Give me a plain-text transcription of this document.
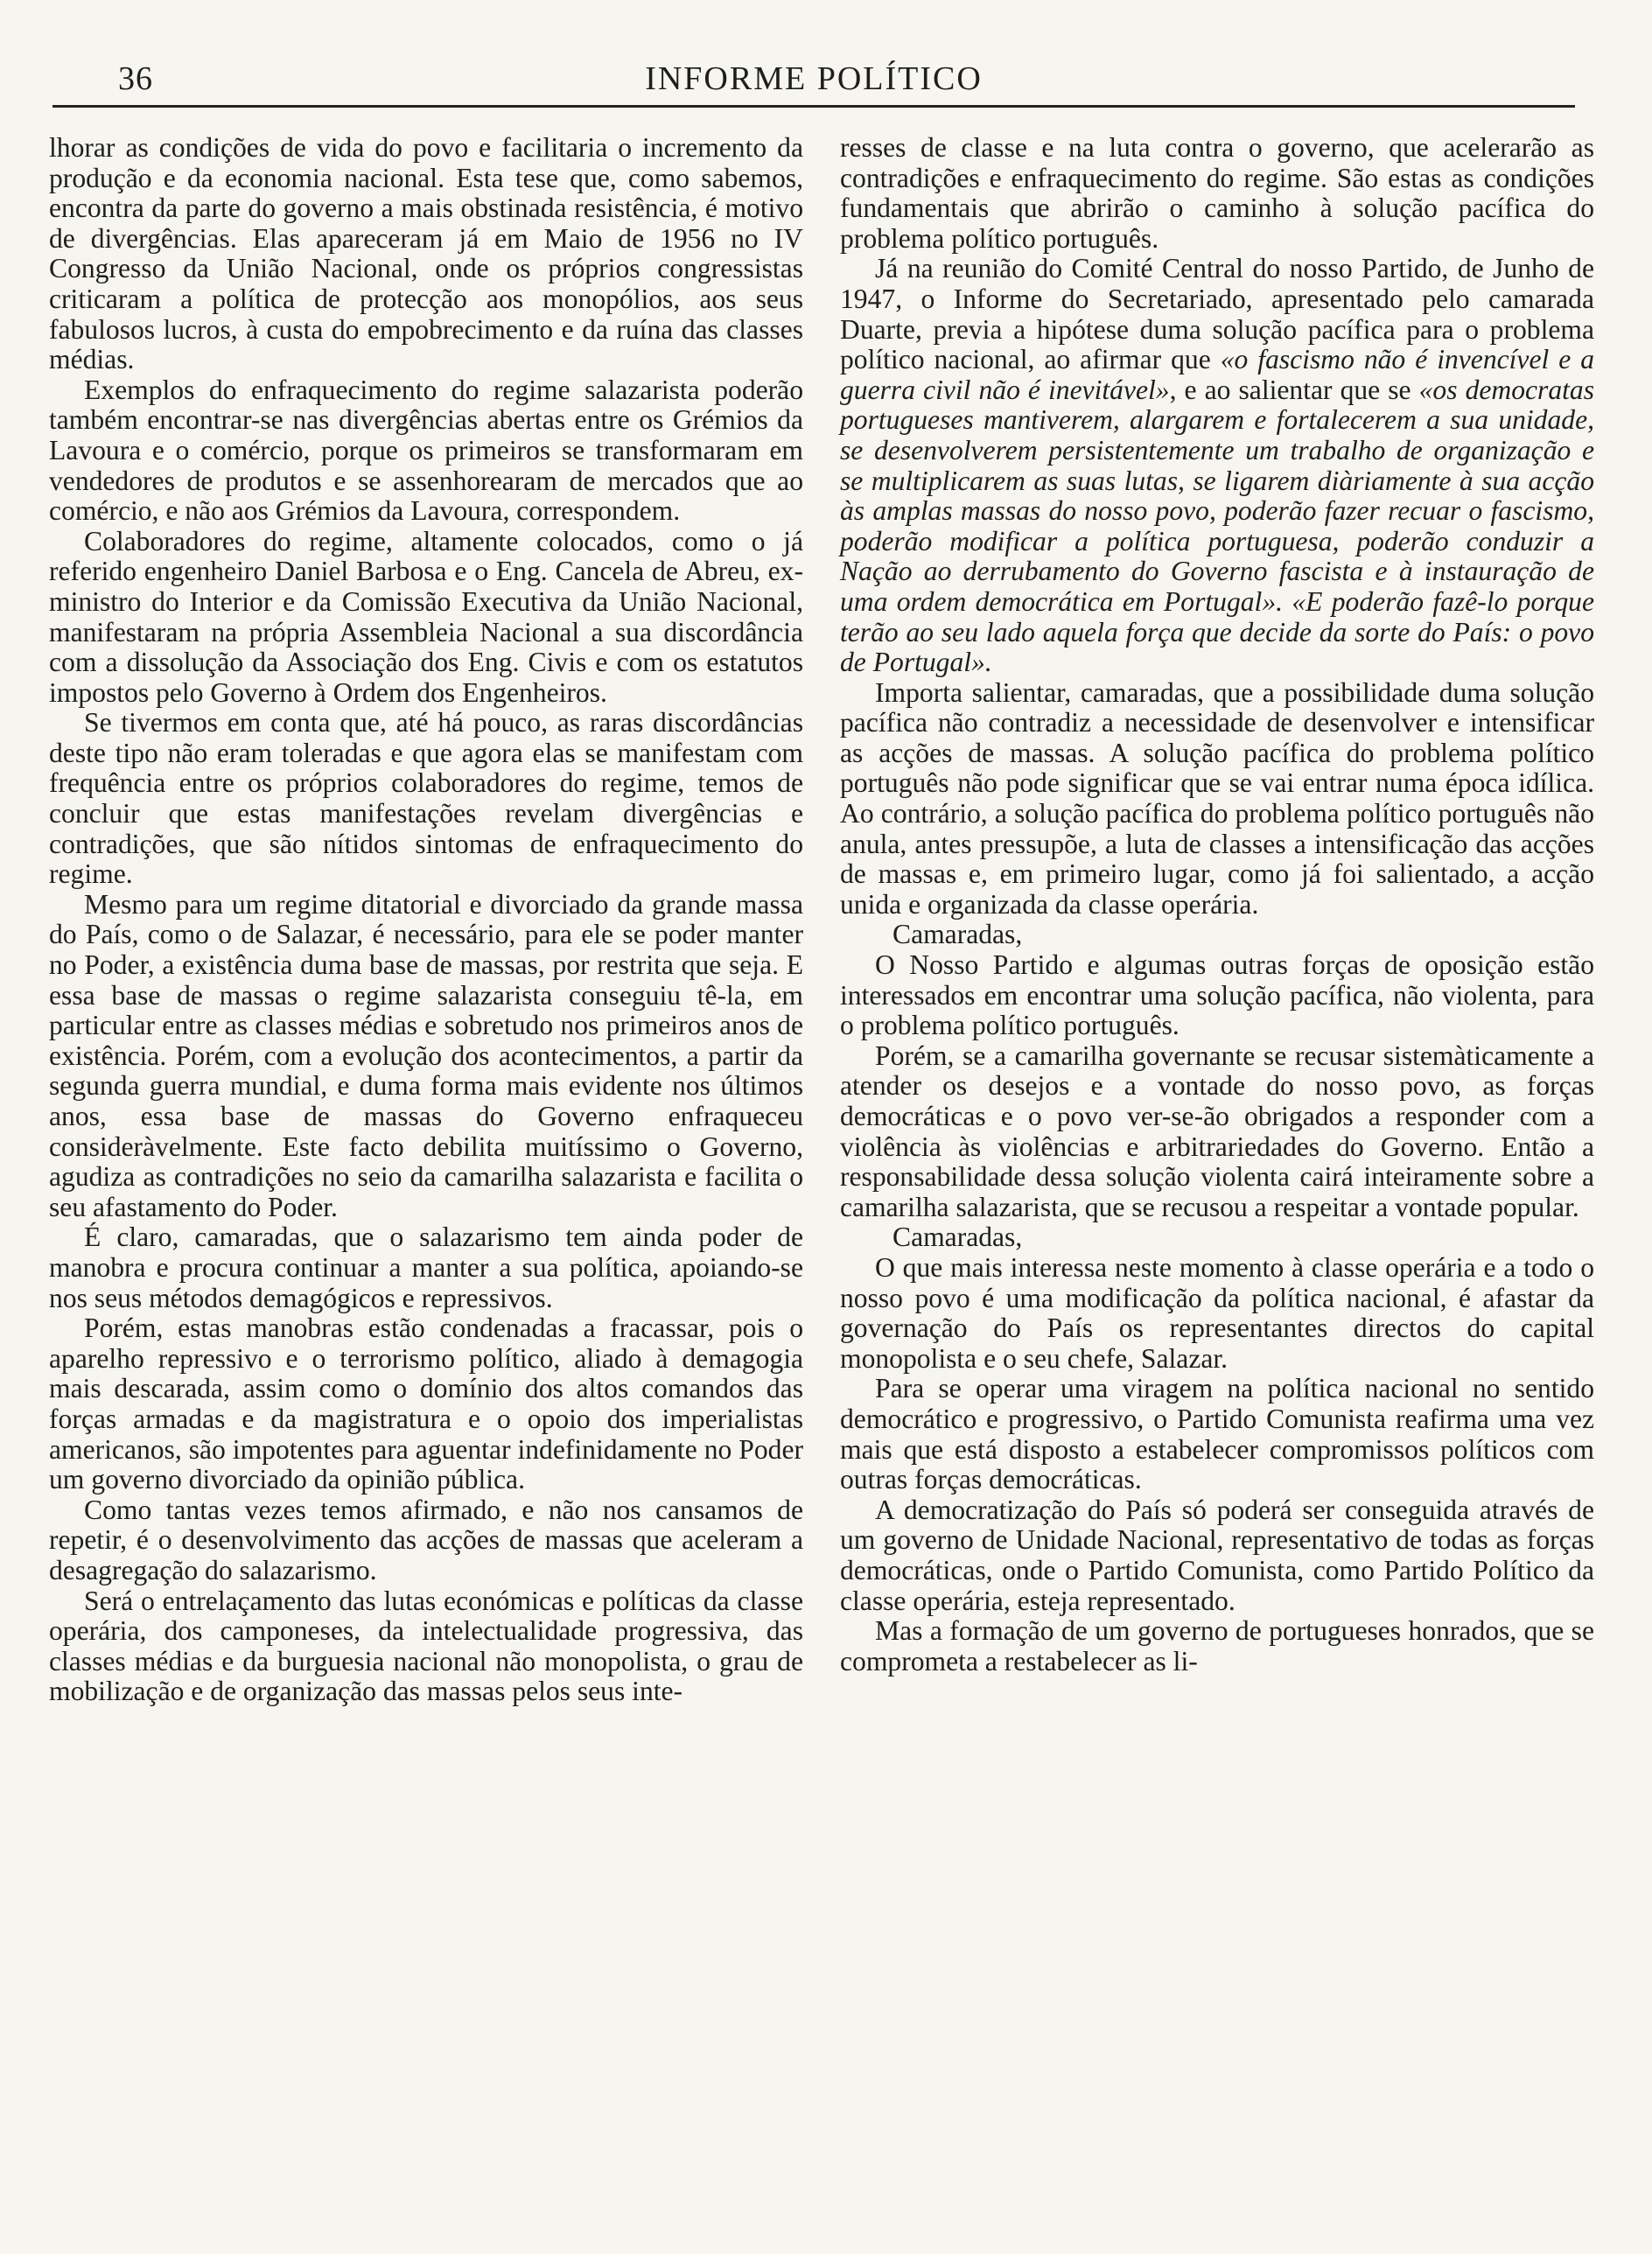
36	INFORME POLÍTICO

lhorar as condições de vida do povo e facilitaria o incremento da produção e da economia nacional. Esta tese que, como sabemos, encontra da parte do governo a mais obstinada resistência, é motivo de divergências. Elas apareceram já em Maio de 1956 no IV Congresso da União Nacional, onde os próprios congressistas criticaram a política de protecção aos monopólios, aos seus fabulosos lucros, à custa do empobrecimento e da ruína das classes médias.

Exemplos do enfraquecimento do regime salazarista poderão também encontrar-se nas divergências abertas entre os Grémios da Lavoura e o comércio, porque os primeiros se transformaram em vendedores de produtos e se assenhorearam de mercados que ao comércio, e não aos Grémios da Lavoura, correspondem.

Colaboradores do regime, altamente colocados, como o já referido engenheiro Daniel Barbosa e o Eng. Cancela de Abreu, ex-ministro do Interior e da Comissão Executiva da União Nacional, manifestaram na própria Assembleia Nacional a sua discordância com a dissolução da Associação dos Eng. Civis e com os estatutos impostos pelo Governo à Ordem dos Engenheiros.

Se tivermos em conta que, até há pouco, as raras discordâncias deste tipo não eram toleradas e que agora elas se manifestam com frequência entre os próprios colaboradores do regime, temos de concluir que estas manifestações revelam divergências e contradições, que são nítidos sintomas de enfraquecimento do regime.

Mesmo para um regime ditatorial e divorciado da grande massa do País, como o de Salazar, é necessário, para ele se poder manter no Poder, a existência duma base de massas, por restrita que seja. E essa base de massas o regime salazarista conseguiu tê-la, em particular entre as classes médias e sobretudo nos primeiros anos de existência. Porém, com a evolução dos acontecimentos, a partir da segunda guerra mundial, e duma forma mais evidente nos últimos anos, essa base de massas do Governo enfraqueceu consideràvelmente. Este facto debilita muitíssimo o Governo, agudiza as contradições no seio da camarilha salazarista e facilita o seu afastamento do Poder.

É claro, camaradas, que o salazarismo tem ainda poder de manobra e procura continuar a manter a sua política, apoiando-se nos seus métodos demagógicos e repressivos.

Porém, estas manobras estão condenadas a fracassar, pois o aparelho repressivo e o terrorismo político, aliado à demagogia mais descarada, assim como o domínio dos altos comandos das forças armadas e da magistratura e o opoio dos imperialistas americanos, são impotentes para aguentar indefinidamente no Poder um governo divorciado da opinião pública.

Como tantas vezes temos afirmado, e não nos cansamos de repetir, é o desenvolvimento das acções de massas que aceleram a desagregação do salazarismo.

Será o entrelaçamento das lutas económicas e políticas da classe operária, dos camponeses, da intelectualidade progressiva, das classes médias e da burguesia nacional não monopolista, o grau de mobilização e de organização das massas pelos seus inte-

resses de classe e na luta contra o governo, que acelerarão as contradições e enfraquecimento do regime. São estas as condições fundamentais que abrirão o caminho à solução pacífica do problema político português.

Já na reunião do Comité Central do nosso Partido, de Junho de 1947, o Informe do Secretariado, apresentado pelo camarada Duarte, previa a hipótese duma solução pacífica para o problema político nacional, ao afirmar que «o fascismo não é invencível e a guerra civil não é inevitável», e ao salientar que se «os democratas portugueses mantiverem, alargarem e fortalecerem a sua unidade, se desenvolverem persistentemente um trabalho de organização e se multiplicarem as suas lutas, se ligarem diàriamente à sua acção às amplas massas do nosso povo, poderão fazer recuar o fascismo, poderão modificar a política portuguesa, poderão conduzir a Nação ao derrubamento do Governo fascista e à instauração de uma ordem democrática em Portugal». «E poderão fazê-lo porque terão ao seu lado aquela força que decide da sorte do País: o povo de Portugal».

Importa salientar, camaradas, que a possibilidade duma solução pacífica não contradiz a necessidade de desenvolver e intensificar as acções de massas. A solução pacífica do problema político português não pode significar que se vai entrar numa época idílica. Ao contrário, a solução pacífica do problema político português não anula, antes pressupõe, a luta de classes a intensificação das acções de massas e, em primeiro lugar, como já foi salientado, a acção unida e organizada da classe operária.

Camaradas,

O Nosso Partido e algumas outras forças de oposição estão interessados em encontrar uma solução pacífica, não violenta, para o problema político português.

Porém, se a camarilha governante se recusar sistemàticamente a atender os desejos e a vontade do nosso povo, as forças democráticas e o povo ver-se-ão obrigados a responder com a violência às violências e arbitrariedades do Governo. Então a responsabilidade dessa solução violenta cairá inteiramente sobre a camarilha salazarista, que se recusou a respeitar a vontade popular.

Camaradas,

O que mais interessa neste momento à classe operária e a todo o nosso povo é uma modificação da política nacional, é afastar da governação do País os representantes directos do capital monopolista e o seu chefe, Salazar.

Para se operar uma viragem na política nacional no sentido democrático e progressivo, o Partido Comunista reafirma uma vez mais que está disposto a estabelecer compromissos políticos com outras forças democráticas.

A democratização do País só poderá ser conseguida através de um governo de Unidade Nacional, representativo de todas as forças democráticas, onde o Partido Comunista, como Partido Político da classe operária, esteja representado.

Mas a formação de um governo de portugueses honrados, que se comprometa a restabelecer as li-
